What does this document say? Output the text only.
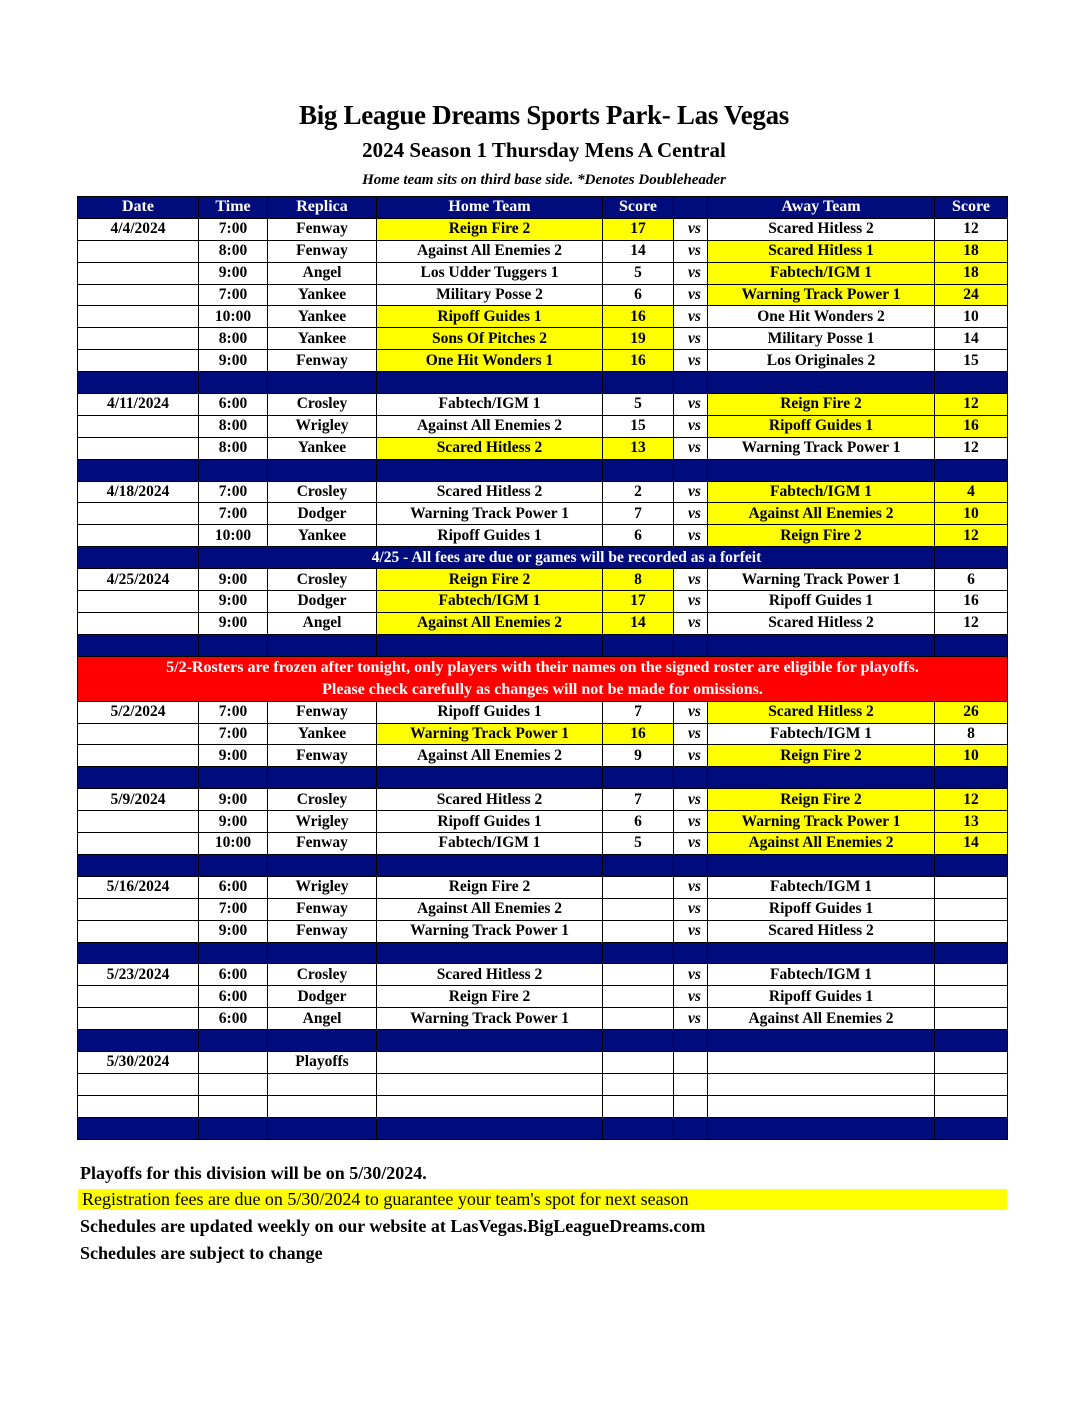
Big League Dreams Sports Park- Las Vegas
2024 Season 1 Thursday Mens A Central
Home team sits on third base side. *Denotes Doubleheader
Date	Time	Replica	Home Team	Score		Away Team	Score
4/4/2024	7:00	Fenway	Reign Fire 2	17	vs	Scared Hitless 2	12
	8:00	Fenway	Against All Enemies 2	14	vs	Scared Hitless 1	18
	9:00	Angel	Los Udder Tuggers 1	5	vs	Fabtech/IGM 1	18
	7:00	Yankee	Military Posse 2	6	vs	Warning Track Power 1	24
	10:00	Yankee	Ripoff Guides 1	16	vs	One Hit Wonders 2	10
	8:00	Yankee	Sons Of Pitches 2	19	vs	Military Posse 1	14
	9:00	Fenway	One Hit Wonders 1	16	vs	Los Originales 2	15

4/11/2024	6:00	Crosley	Fabtech/IGM 1	5	vs	Reign Fire 2	12
	8:00	Wrigley	Against All Enemies 2	15	vs	Ripoff Guides 1	16
	8:00	Yankee	Scared Hitless 2	13	vs	Warning Track Power 1	12

4/18/2024	7:00	Crosley	Scared Hitless 2	2	vs	Fabtech/IGM 1	4
	7:00	Dodger	Warning Track Power 1	7	vs	Against All Enemies 2	10
	10:00	Yankee	Ripoff Guides 1	6	vs	Reign Fire 2	12
	4/25 - All fees are due or games will be recorded as a forfeit						
4/25/2024	9:00	Crosley	Reign Fire 2	8	vs	Warning Track Power 1	6
	9:00	Dodger	Fabtech/IGM 1	17	vs	Ripoff Guides 1	16
	9:00	Angel	Against All Enemies 2	14	vs	Scared Hitless 2	12

5/2-Rosters are frozen after tonight, only players with their names on the signed roster are eligible for playoffs.
Please check carefully as changes will not be made for omissions.							

5/2/2024	7:00	Fenway	Ripoff Guides 1	7	vs	Scared Hitless 2	26
	7:00	Yankee	Warning Track Power 1	16	vs	Fabtech/IGM 1	8
	9:00	Fenway	Against All Enemies 2	9	vs	Reign Fire 2	10

5/9/2024	9:00	Crosley	Scared Hitless 2	7	vs	Reign Fire 2	12
	9:00	Wrigley	Ripoff Guides 1	6	vs	Warning Track Power 1	13
	10:00	Fenway	Fabtech/IGM 1	5	vs	Against All Enemies 2	14

5/16/2024	6:00	Wrigley	Reign Fire 2		vs	Fabtech/IGM 1	
	7:00	Fenway	Against All Enemies 2		vs	Ripoff Guides 1	
	9:00	Fenway	Warning Track Power 1		vs	Scared Hitless 2	

5/23/2024	6:00	Crosley	Scared Hitless 2		vs	Fabtech/IGM 1	
	6:00	Dodger	Reign Fire 2		vs	Ripoff Guides 1	
	6:00	Angel	Warning Track Power 1		vs	Against All Enemies 2	

5/30/2024		Playoffs					

Playoffs for this division will be on 5/30/2024.
Registration fees are due on 5/30/2024 to guarantee your team's spot for next season
Schedules are updated weekly on our website at LasVegas.BigLeagueDreams.com
Schedules are subject to change
